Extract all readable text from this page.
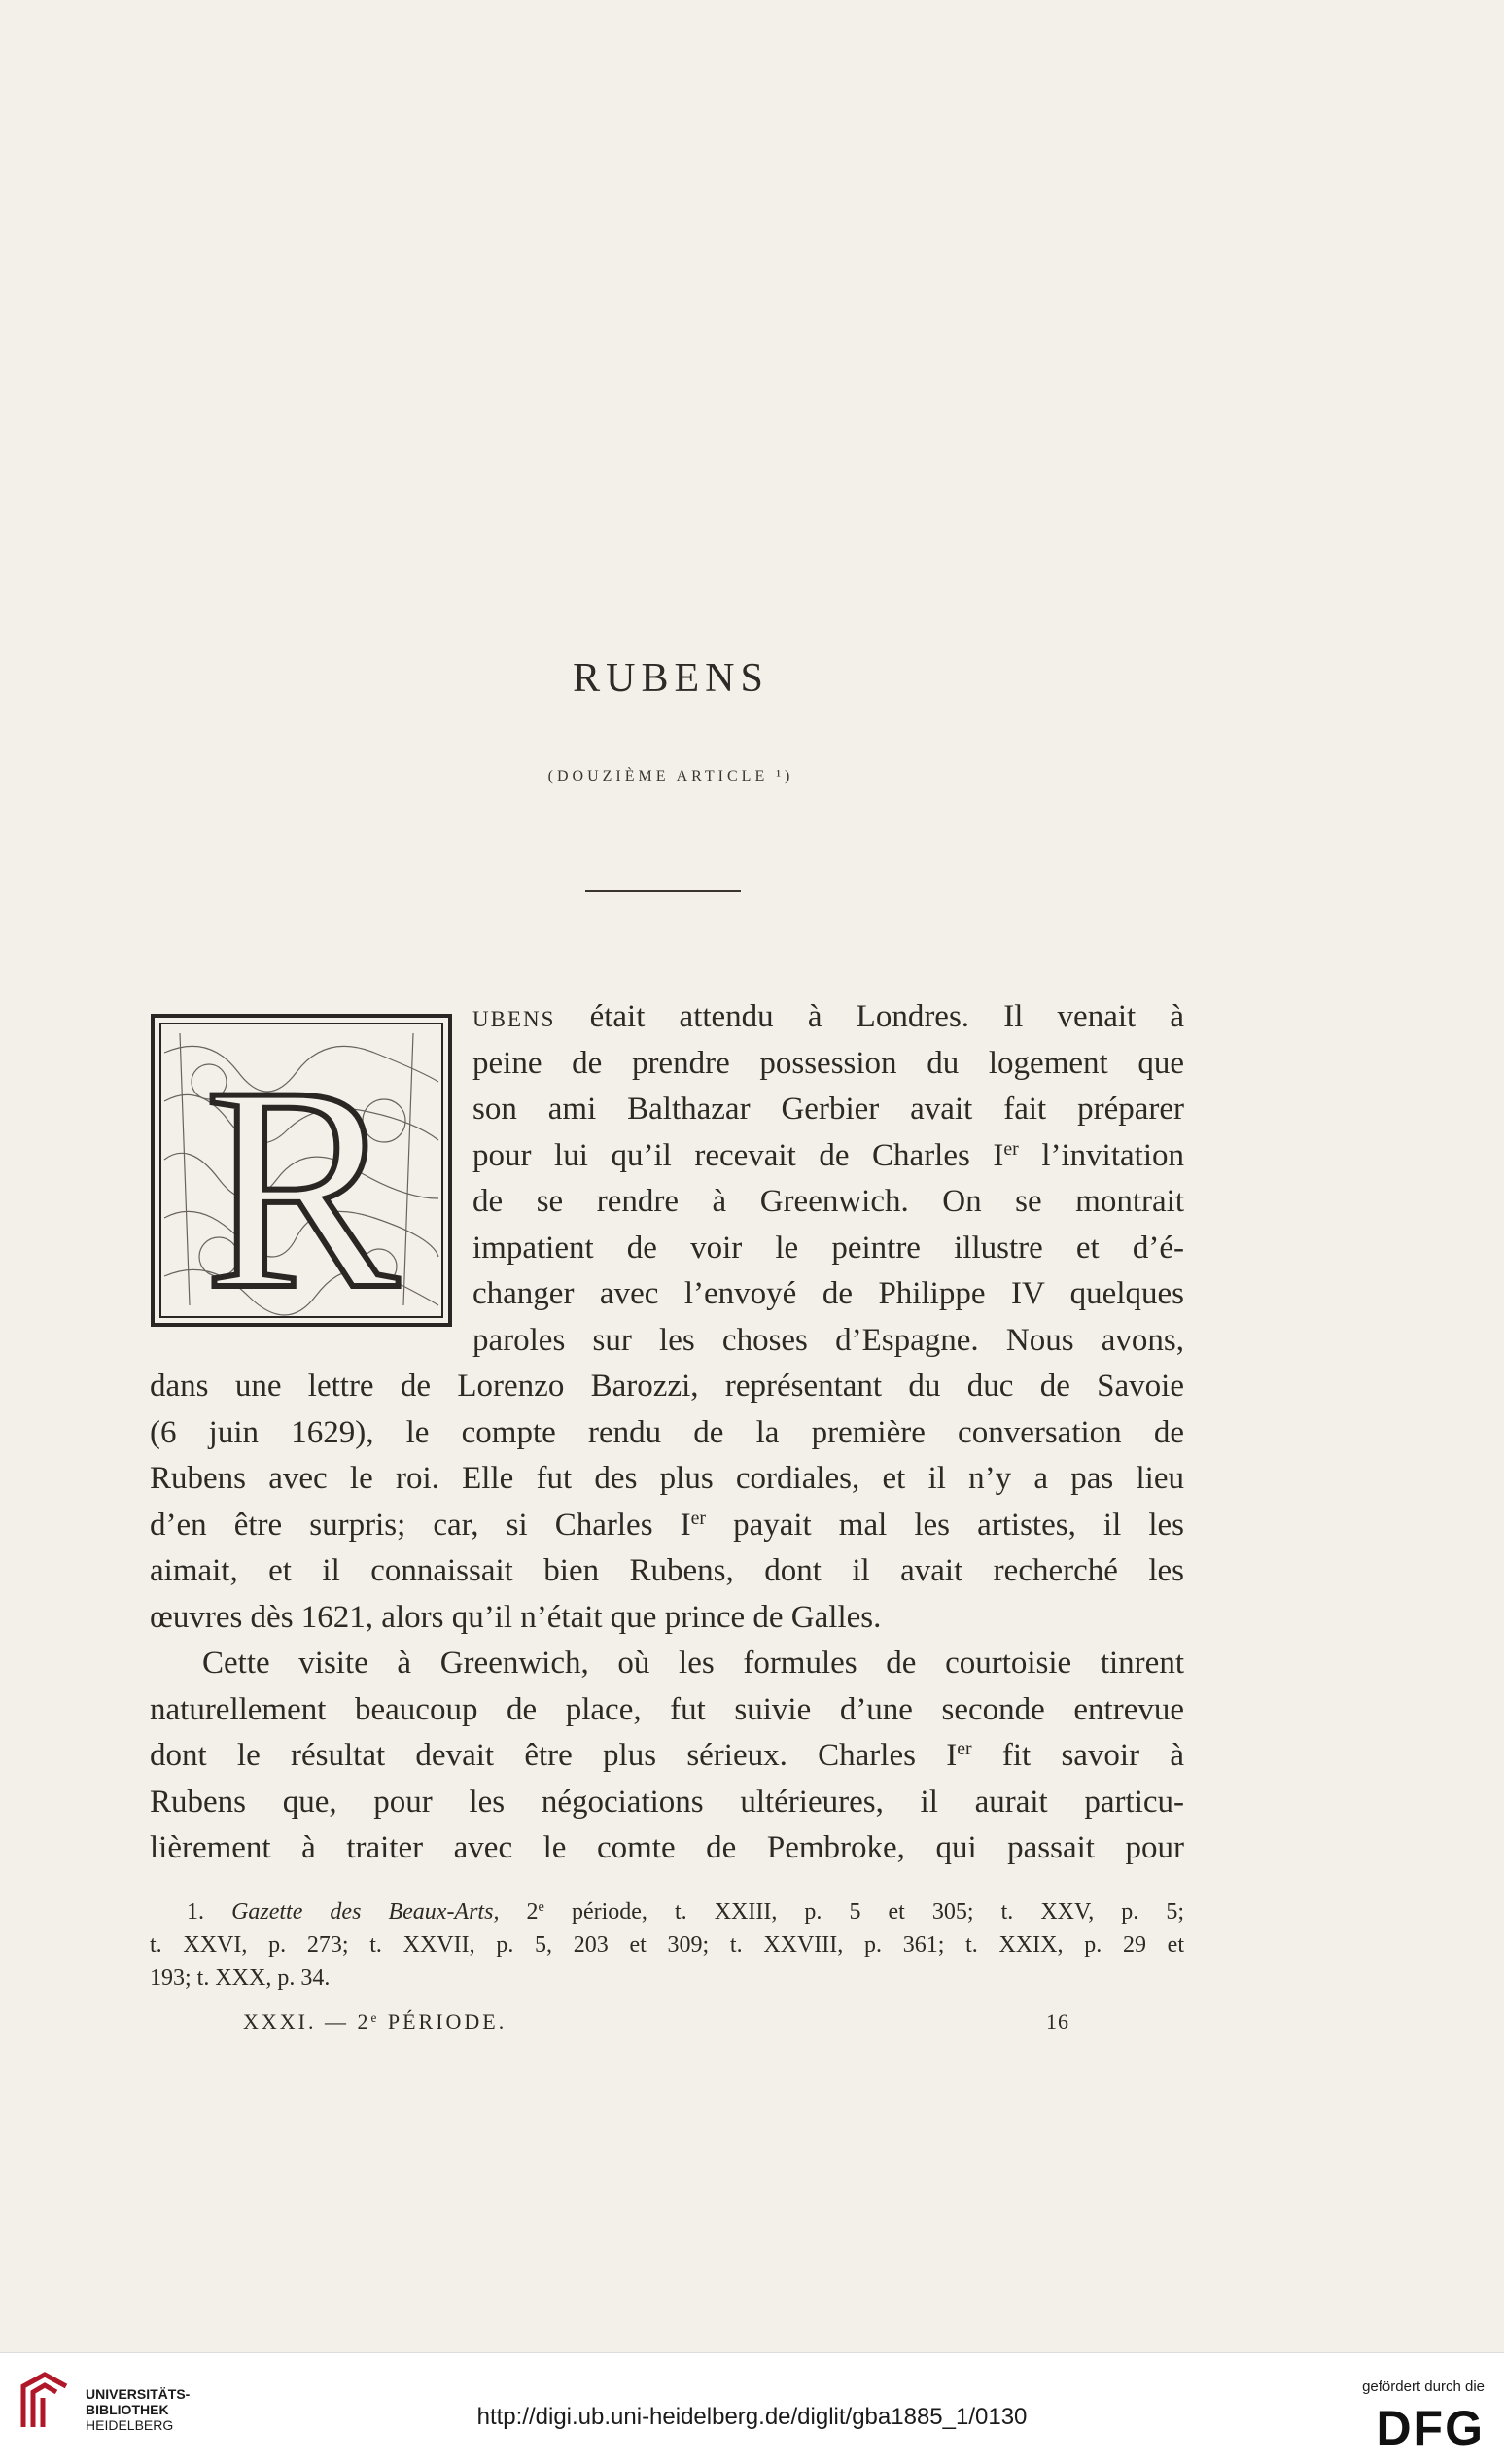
RUBENS
(DOUZIÈME ARTICLE ¹)
R
ubens était attendu à Londres. Il venait à
peine de prendre possession du logement que
son ami Balthazar Gerbier avait fait préparer
pour lui qu’il recevait de Charles Ier l’invitation
de se rendre à Greenwich. On se montrait
impatient de voir le peintre illustre et d’é-
changer avec l’envoyé de Philippe IV quelques
paroles sur les choses d’Espagne. Nous avons,
dans une lettre de Lorenzo Barozzi, représentant du duc de Savoie
(6 juin 1629), le compte rendu de la première conversation de
Rubens avec le roi. Elle fut des plus cordiales, et il n’y a pas lieu
d’en être surpris; car, si Charles Ier payait mal les artistes, il les
aimait, et il connaissait bien Rubens, dont il avait recherché les
œuvres dès 1621, alors qu’il n’était que prince de Galles.
Cette visite à Greenwich, où les formules de courtoisie tinrent
naturellement beaucoup de place, fut suivie d’une seconde entrevue
dont le résultat devait être plus sérieux. Charles Ier fit savoir à
Rubens que, pour les négociations ultérieures, il aurait particu-
lièrement à traiter avec le comte de Pembroke, qui passait pour
1. Gazette des Beaux-Arts, 2e période, t. XXIII, p. 5 et 305; t. XXV, p. 5;
t. XXVI, p. 273; t. XXVII, p. 5, 203 et 309; t. XXVIII, p. 361; t. XXIX, p. 29 et
193; t. XXX, p. 34.
XXXI. — 2e PÉRIODE.	16
UNIVERSITÄTS-
BIBLIOTHEK
HEIDELBERG	http://digi.ub.uni-heidelberg.de/diglit/gba1885_1/0130
gefördert durch die
DFG
